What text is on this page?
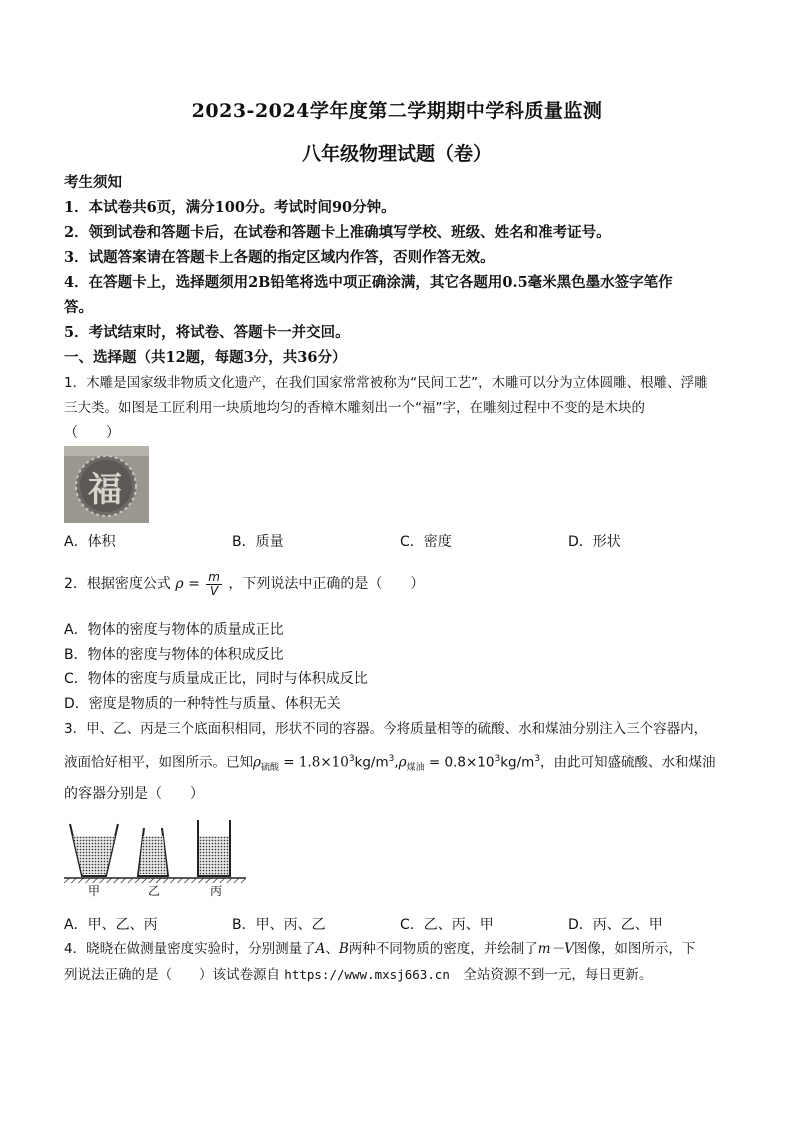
2023-2024学年度第二学期期中学科质量监测
八年级物理试题（卷）
考生须知
1．本试卷共6页，满分100分。考试时间90分钟。
2．领到试卷和答题卡后，在试卷和答题卡上准确填写学校、班级、姓名和准考证号。
3．试题答案请在答题卡上各题的指定区域内作答，否则作答无效。
4．在答题卡上，选择题须用2B铅笔将选中项正确涂满，其它各题用0.5毫米黑色墨水签字笔作
答。
5．考试结束时，将试卷、答题卡一并交回。
一、选择题（共12题，每题3分，共36分）
1．木雕是国家级非物质文化遗产，在我们国家常常被称为“民间工艺”，木雕可以分为立体圆雕、根雕、浮雕
三大类。如图是工匠利用一块质地均匀的香樟木雕刻出一个“福”字，在雕刻过程中不变的是木块的
（　　）
福
A．体积	B．质量	C．密度	D．形状
2．根据密度公式 $\rho = \frac{m}{V}$ ，下列说法中正确的是（　　）
A．物体的密度与物体的质量成正比
B．物体的密度与物体的体积成反比
C．物体的密度与质量成正比，同时与体积成反比
D．密度是物质的一种特性与质量、体积无关
3．甲、乙、丙是三个底面积相同，形状不同的容器。今将质量相等的硫酸、水和煤油分别注入三个容器内，
液面恰好相平，如图所示。已知$\rho_{硫酸} = 1.8\times 10^3kg/m^3,\rho_{煤油} = 0.8\times 10^3kg/m^3$，由此可知盛硫酸、水和煤油
的容器分别是（　　）
甲	乙	丙
A．甲、乙、丙	B．甲、丙、乙	C．乙、丙、甲	D．丙、乙、甲
4．晓晓在做测量密度实验时，分别测量了A、B两种不同物质的密度，并绘制了m－V图像，如图所示，下
列说法正确的是（　　）该试卷源自 https://www.mxsj663.cn　全站资源不到一元，每日更新。
